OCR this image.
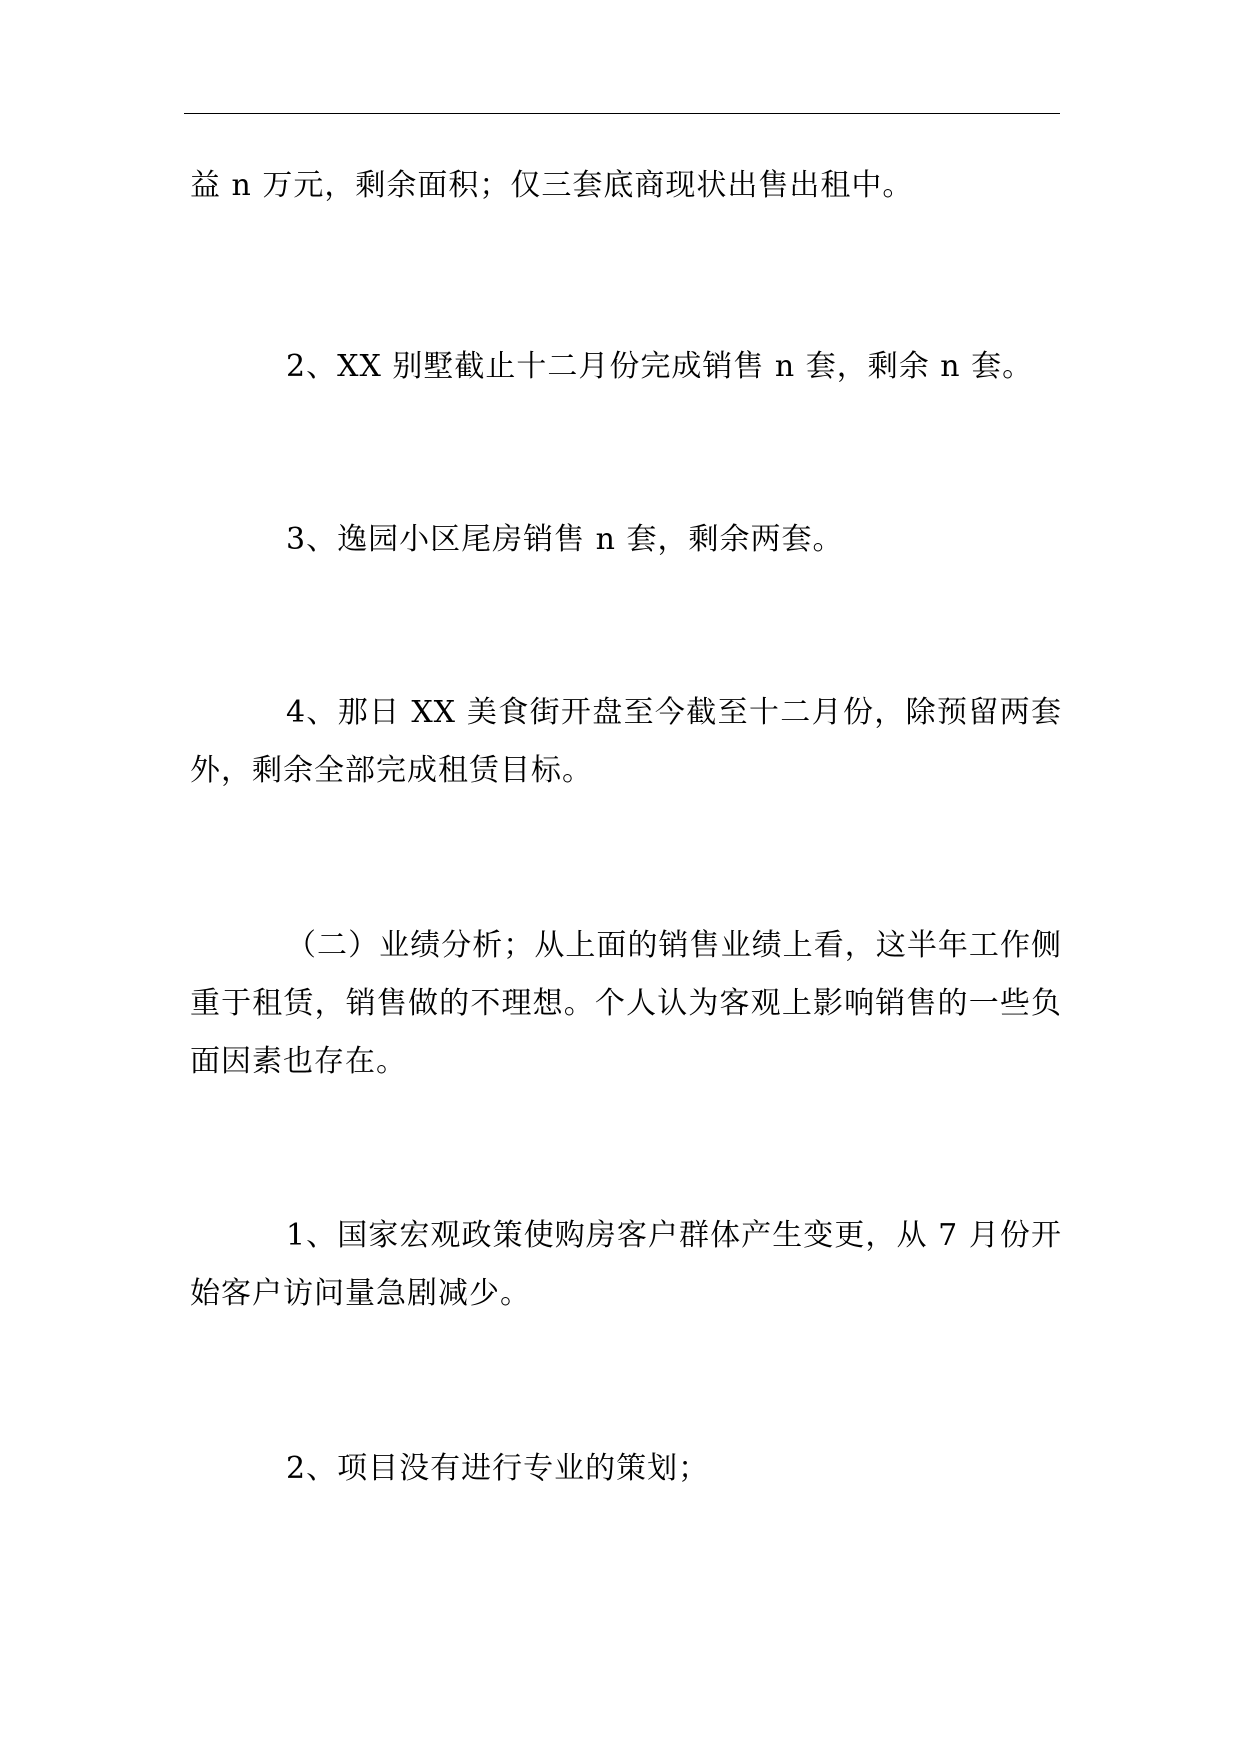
益 n 万元，剩余面积；仅三套底商现状出售出租中。

2、XX 别墅截止十二月份完成销售 n 套，剩余 n 套。

3、逸园小区尾房销售 n 套，剩余两套。

4、那日 XX 美食街开盘至今截至十二月份，除预留两套外，剩余全部完成租赁目标。

（二）业绩分析；从上面的销售业绩上看，这半年工作侧重于租赁，销售做的不理想。个人认为客观上影响销售的一些负面因素也存在。

1、国家宏观政策使购房客户群体产生变更，从 7 月份开始客户访问量急剧减少。

2、项目没有进行专业的策划；
